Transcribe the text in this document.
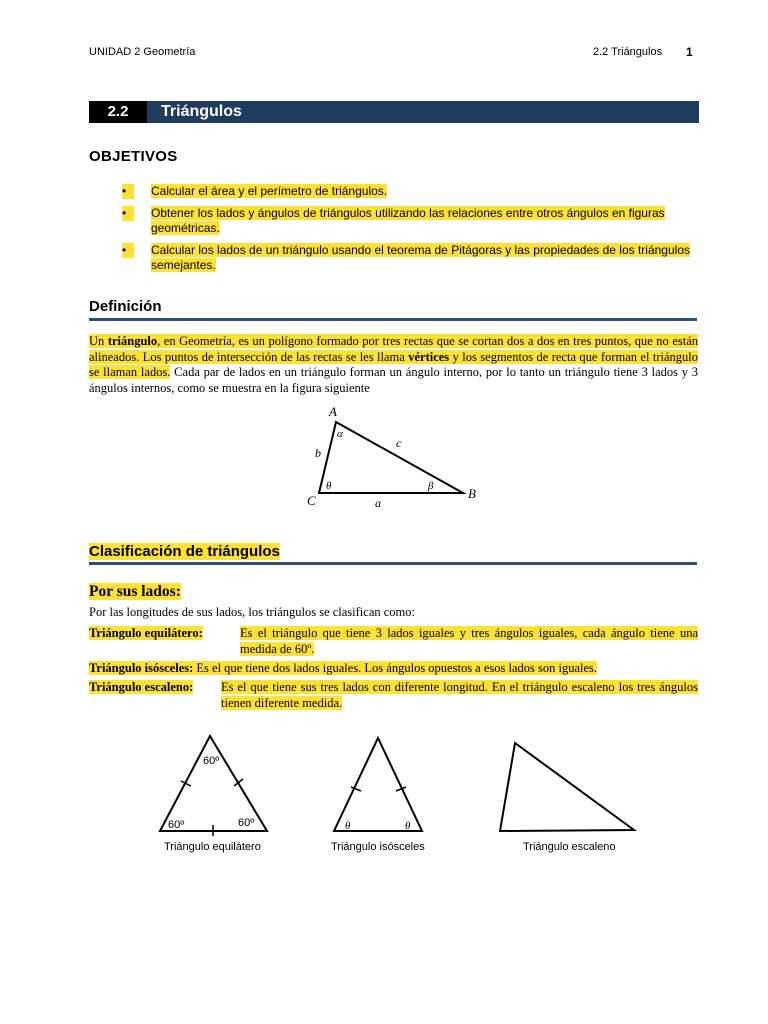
UNIDAD 2 Geometría	2.2 Triángulos 1
2.2	Triángulos
OBJETIVOS
•	Calcular el área y el perímetro de triángulos.
•	Obtener los lados y ángulos de triángulos utilizando las relaciones entre otros ángulos en figuras geométricas.
•	Calcular los lados de un triángulo usando el teorema de Pitágoras y las propiedades de los triángulos semejantes.
Definición
Un triángulo, en Geometría, es un polígono formado por tres rectas que se cortan dos a dos en tres puntos, que no están alineados. Los puntos de intersección de las rectas se les llama vértices y los segmentos de recta que forman el triángulo se llaman lados. Cada par de lados en un triángulo forman un ángulo interno, por lo tanto un triángulo tiene 3 lados y 3 ángulos internos, como se muestra en la figura siguiente
A
B
C	a
b
c
α
β
θ
Clasificación de triángulos
Por sus lados:
Por las longitudes de sus lados, los triángulos se clasifican como:
Triángulo equilátero:	Es el triángulo que tiene 3 lados iguales y tres ángulos iguales, cada ángulo tiene una medida de 60º.
Triángulo isósceles: Es el que tiene dos lados iguales. Los ángulos opuestos a esos lados son iguales.
Triángulo escaleno:	Es el que tiene sus tres lados con diferente longitud. En el triángulo escaleno los tres ángulos tienen diferente medida.
60º
60º	60º
Triángulo equilátero
θ	θ
Triángulo isósceles	Triángulo escaleno
